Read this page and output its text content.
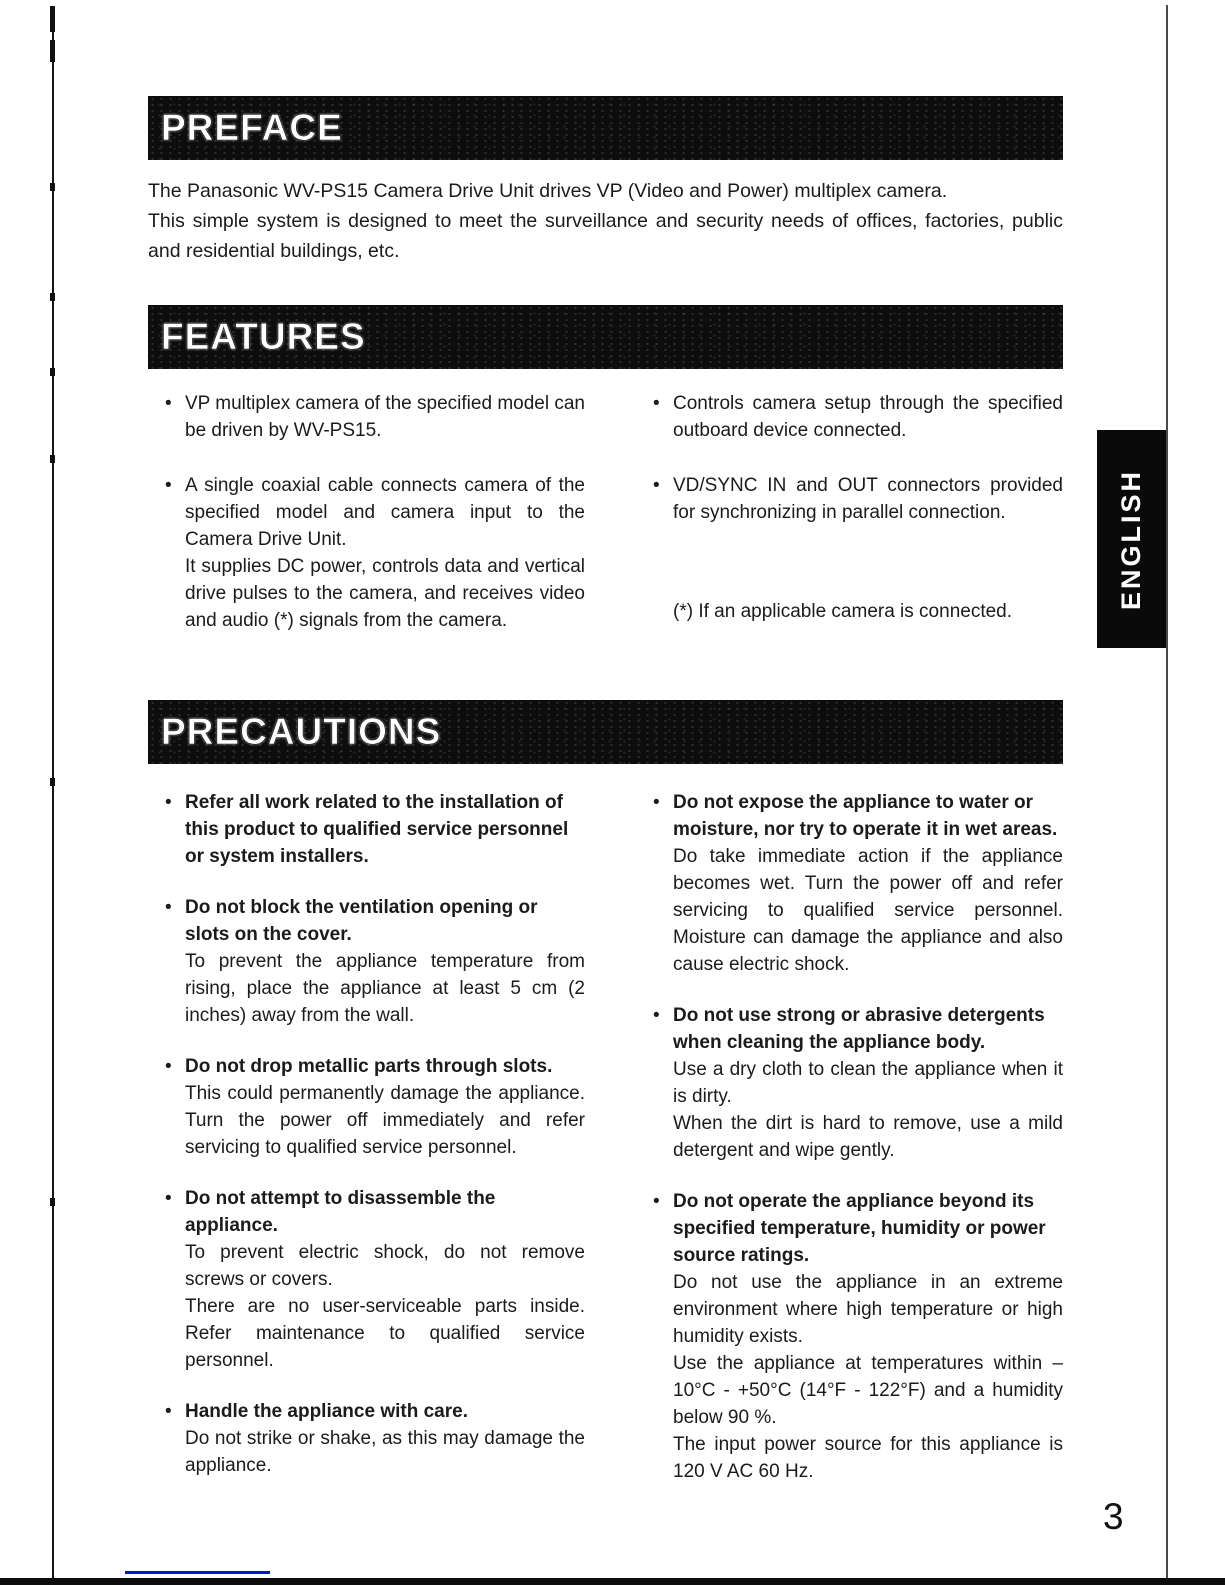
ENGLISH
PREFACE

The Panasonic WV-PS15 Camera Drive Unit drives VP (Video and Power) multiplex camera.

This simple system is designed to meet the surveillance and security needs of offices, factories, public and residential buildings, etc.

FEATURES
• VP multiplex camera of the specified model can be driven by WV-PS15.

• A single coaxial cable connects camera of the specified model and camera input to the Camera Drive Unit.

It supplies DC power, controls data and vertical drive pulses to the camera, and receives video and audio (*) signals from the camera.

• Controls camera setup through the specified outboard device connected.

• VD/SYNC IN and OUT connectors provided for synchronizing in parallel connection.

(*) If an applicable camera is connected.
PRECAUTIONS
• Refer all work related to the installation of this product to qualified service personnel or system installers.

• Do not block the ventilation opening or slots on the cover.

To prevent the appliance temperature from rising, place the appliance at least 5 cm (2 inches) away from the wall.

• Do not drop metallic parts through slots.

This could permanently damage the appliance. Turn the power off immediately and refer servicing to qualified service personnel.

• Do not attempt to disassemble the appliance.

To prevent electric shock, do not remove screws or covers.

There are no user-serviceable parts inside. Refer maintenance to qualified service personnel.

• Handle the appliance with care.

Do not strike or shake, as this may damage the appliance.

• Do not expose the appliance to water or moisture, nor try to operate it in wet areas.

Do take immediate action if the appliance becomes wet. Turn the power off and refer servicing to qualified service personnel. Moisture can damage the appliance and also cause electric shock.

• Do not use strong or abrasive detergents when cleaning the appliance body.

Use a dry cloth to clean the appliance when it is dirty.

When the dirt is hard to remove, use a mild detergent and wipe gently.

• Do not operate the appliance beyond its specified temperature, humidity or power source ratings.

Do not use the appliance in an extreme environment where high temperature or high humidity exists.

Use the appliance at temperatures within –10°C - +50°C (14°F - 122°F) and a humidity below 90 %.

The input power source for this appliance is 120 V AC 60 Hz.

3
